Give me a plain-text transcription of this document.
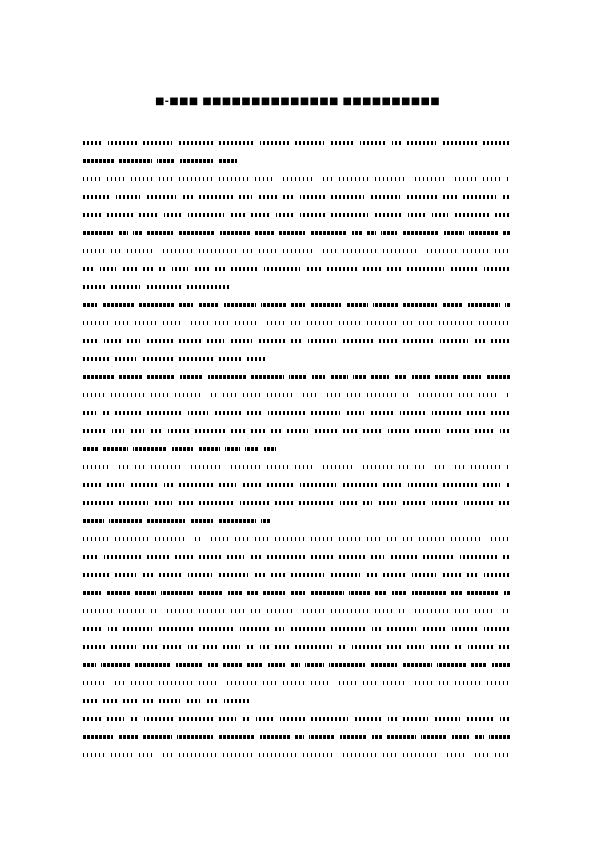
■-■■■ ■■■■■■■■■■■■■■ ■■■■■■■■■■
